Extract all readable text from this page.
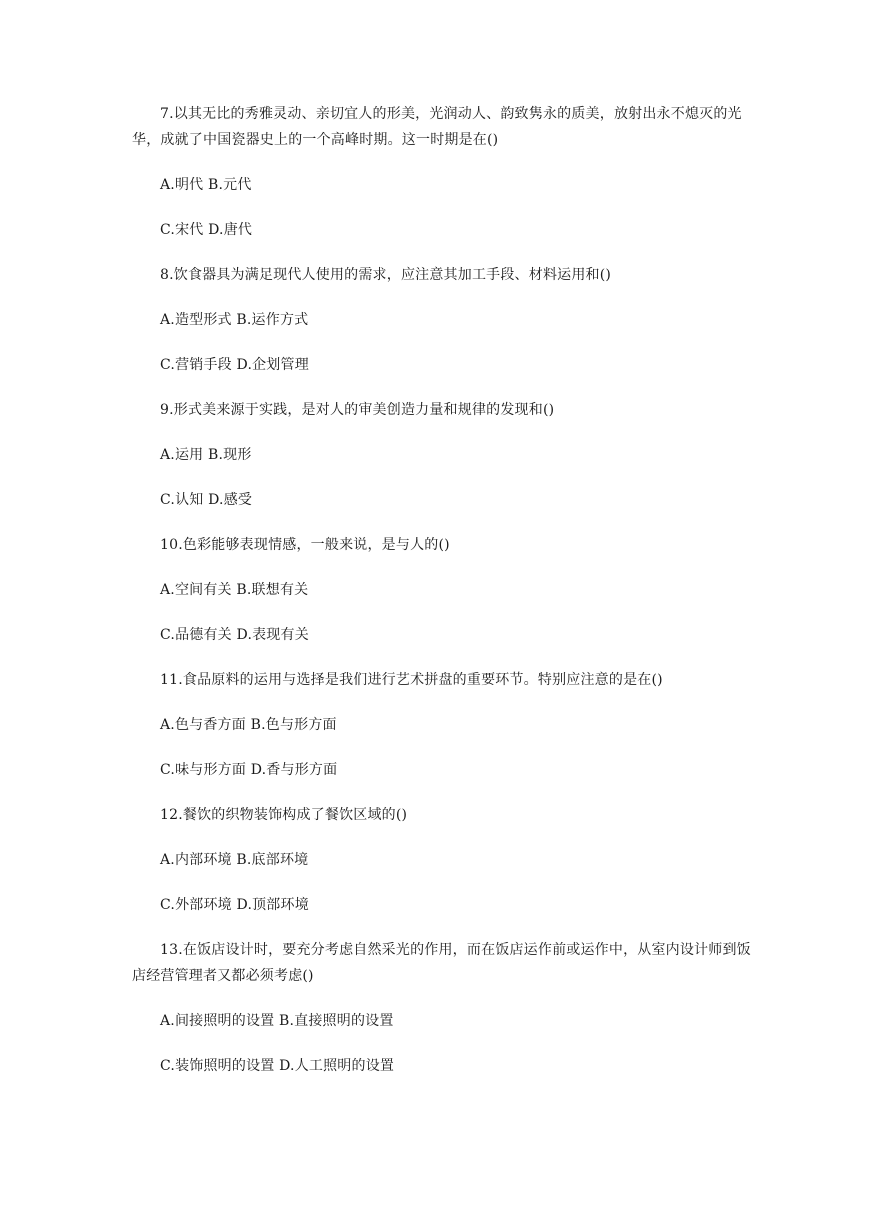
7.以其无比的秀雅灵动、亲切宜人的形美，光润动人、韵致隽永的质美，放射出永不熄灭的光华，成就了中国瓷器史上的一个高峰时期。这一时期是在()

A.明代 B.元代

C.宋代 D.唐代

8.饮食器具为满足现代人使用的需求，应注意其加工手段、材料运用和()

A.造型形式 B.运作方式

C.营销手段 D.企划管理

9.形式美来源于实践，是对人的审美创造力量和规律的发现和()

A.运用 B.现形

C.认知 D.感受

10.色彩能够表现情感，一般来说，是与人的()

A.空间有关 B.联想有关

C.品德有关 D.表现有关

11.食品原料的运用与选择是我们进行艺术拼盘的重要环节。特别应注意的是在()

A.色与香方面 B.色与形方面

C.味与形方面 D.香与形方面

12.餐饮的织物装饰构成了餐饮区域的()

A.内部环境 B.底部环境

C.外部环境 D.顶部环境

13.在饭店设计时，要充分考虑自然采光的作用，而在饭店运作前或运作中，从室内设计师到饭店经营管理者又都必须考虑()

A.间接照明的设置 B.直接照明的设置

C.装饰照明的设置 D.人工照明的设置
